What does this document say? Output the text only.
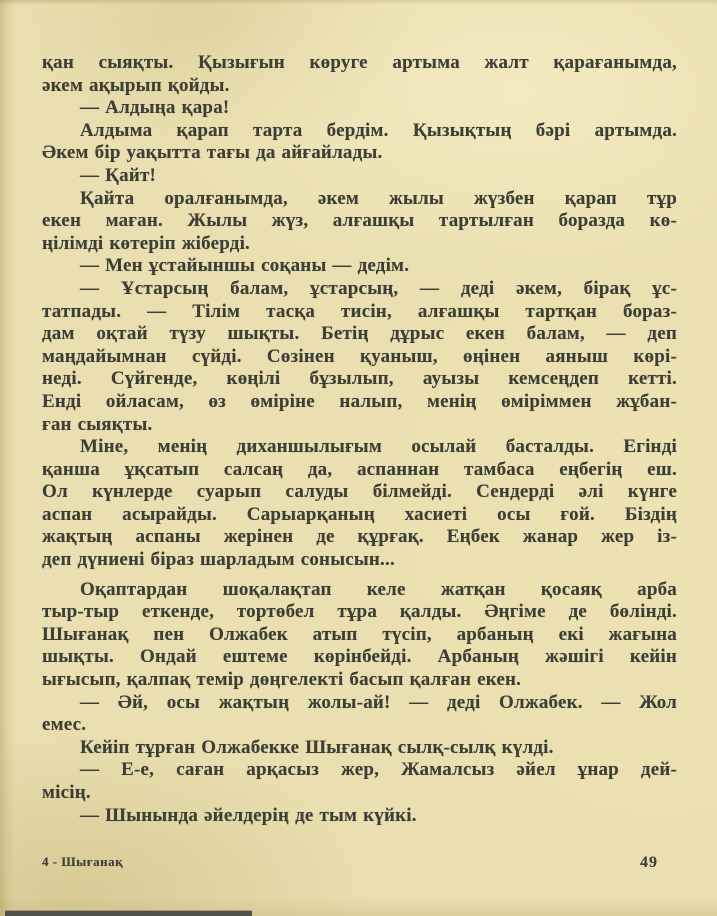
қан сыяқты. Қызығын көруге артыма жалт қарағанымда,
әкем ақырып қойды.
— Алдыңа қара!
Алдыма қарап тарта бердім. Қызықтың бәрі артымда.
Әкем бір уақытта тағы да айғайлады.
— Қайт!
Қайта оралғанымда, әкем жылы жүзбен қарап тұр
екен маған. Жылы жүз, алғашқы тартылған боразда кө-
ңілімді көтеріп жіберді.
— Мен ұстайыншы соқаны — дедім.
— Ұстарсың балам, ұстарсың, — деді әкем, бірақ ұс-
татпады. — Тілім тасқа тисін, алғашқы тартқан бораз-
дам оқтай түзу шықты. Бетің дұрыс екен балам, — деп
маңдайымнан сүйді. Сөзінен қуаныш, өңінен аяныш көрі-
неді. Сүйгенде, көңілі бұзылып, ауызы кемсеңдеп кетті.
Енді ойласам, өз өміріне налып, менің өміріммен жұбан-
ған сыяқты.
Міне, менің диханшылығым осылай басталды. Егінді
қанша ұқсатып салсаң да, аспаннан тамбаса еңбегің еш.
Ол күнлерде суарып салуды білмейді. Сендерді әлі күнге
аспан асырайды. Сарыарқаның хасиеті осы ғой. Біздің
жақтың аспаны жерінен де құрғақ. Еңбек жанар жер із-
деп дүниені біраз шарладым сонысын...
Оқаптардан шоқалақтап келе жатқан қосаяқ арба
тыр-тыр еткенде, тортөбел тұра қалды. Әңгіме де бөлінді.
Шығанақ пен Олжабек атып түсіп, арбаның екі жағына
шықты. Ондай ештеме көрінбейді. Арбаның жәшігі кейін
ығысып, қалпақ темір дөңгелекті басып қалған екен.
— Әй, осы жақтың жолы-ай! — деді Олжабек. — Жол
емес.
Кейіп тұрған Олжабекке Шығанақ сылқ-сылқ күлді.
— Е-е, саған арқасыз жер, Жамалсыз әйел ұнар дей-
місің.
— Шынында әйелдерің де тым күйкі.
4 - Шығанақ	49
